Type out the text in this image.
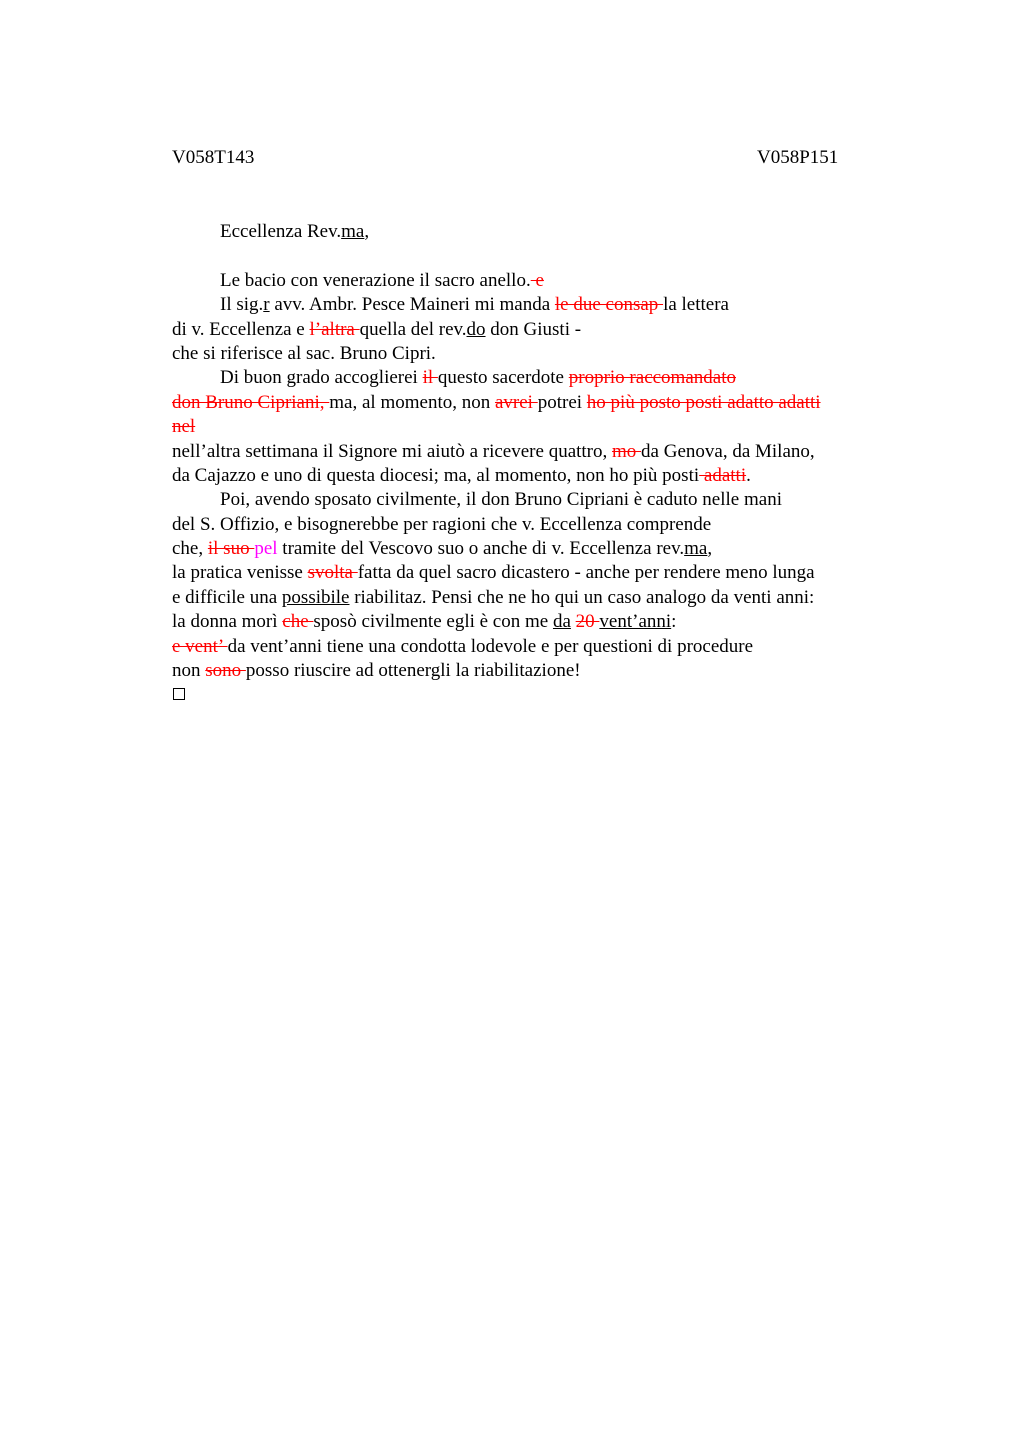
V058T143	V058P151
Eccellenza Rev.ma,
Le bacio con venerazione il sacro anello. e
Il sig.r avv. Ambr. Pesce Maineri mi manda le due consap la lettera
di v. Eccellenza e l’altra quella del rev.do don Giusti -
che si riferisce al sac. Bruno Cipri.
Di buon grado accoglierei il questo sacerdote proprio raccomandato
don Bruno Cipriani, ma, al momento, non avrei potrei ho più posto posti adatto adatti
nel
nell’altra settimana il Signore mi aiutò a ricevere quattro, mo da Genova, da Milano,
da Cajazzo e uno di questa diocesi; ma, al momento, non ho più posti adatti.
Poi, avendo sposato civilmente, il don Bruno Cipriani è caduto nelle mani
del S. Offizio, e bisognerebbe per ragioni che v. Eccellenza comprende
che, il suo pel tramite del Vescovo suo o anche di v. Eccellenza rev.ma,
la pratica venisse svolta fatta da quel sacro dicastero - anche per rendere meno lunga
e difficile una possibile riabilitaz. Pensi che ne ho qui un caso analogo da venti anni:
la donna morì che sposò civilmente egli è con me da 20 vent’anni:
e vent’ da vent’anni tiene una condotta lodevole e per questioni di procedure
non sono posso riuscire ad ottenergli la riabilitazione!
